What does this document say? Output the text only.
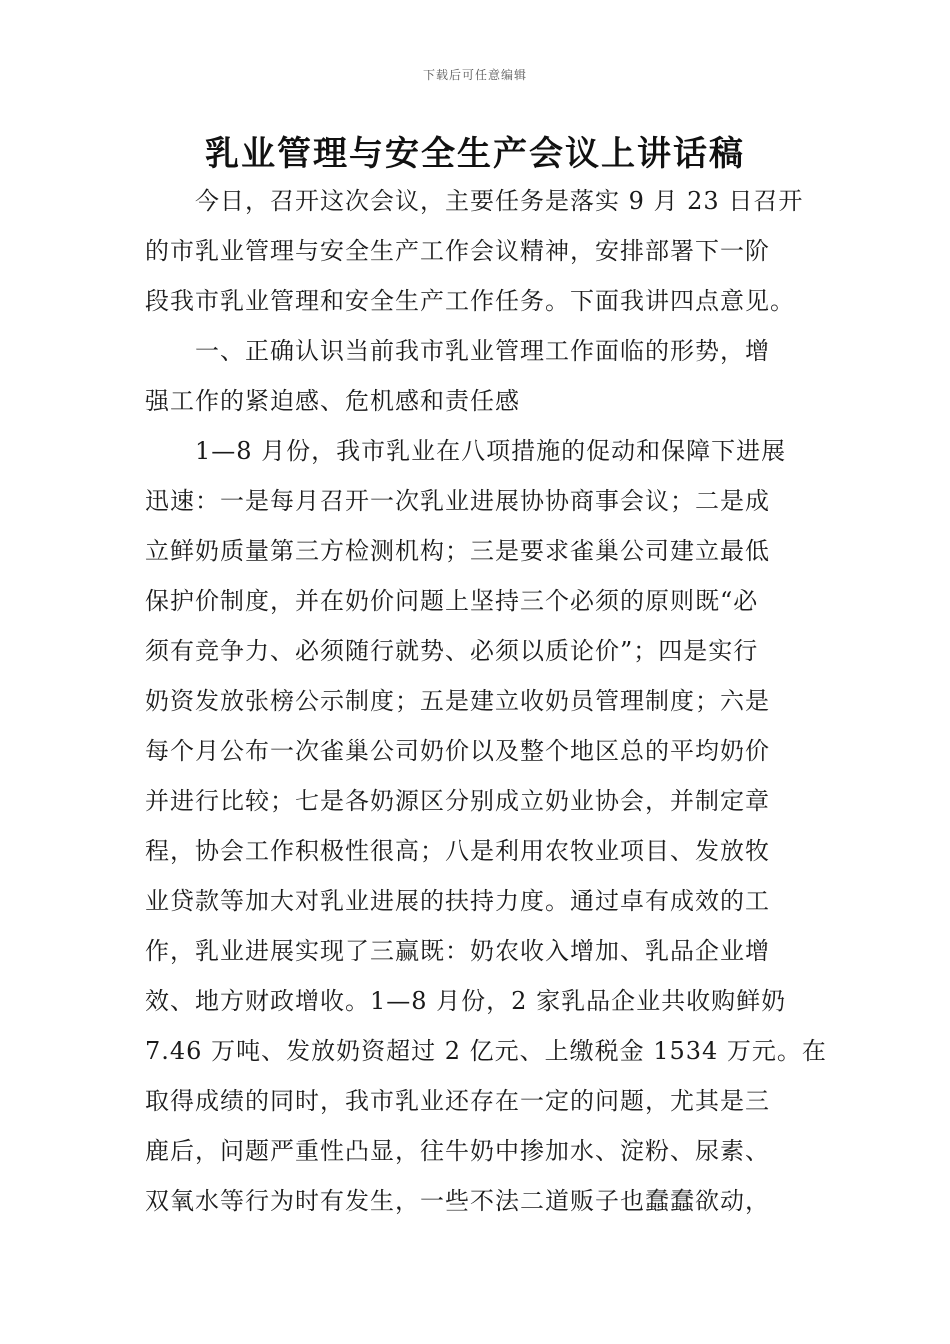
下载后可任意编辑
乳业管理与安全生产会议上讲话稿
今日，召开这次会议，主要任务是落实 9 月 23 日召开
的市乳业管理与安全生产工作会议精神，安排部署下一阶
段我市乳业管理和安全生产工作任务。下面我讲四点意见。
一、正确认识当前我市乳业管理工作面临的形势，增
强工作的紧迫感、危机感和责任感
1—8 月份，我市乳业在八项措施的促动和保障下进展
迅速：一是每月召开一次乳业进展协协商事会议；二是成
立鲜奶质量第三方检测机构；三是要求雀巢公司建立最低
保护价制度，并在奶价问题上坚持三个必须的原则既“必
须有竞争力、必须随行就势、必须以质论价”；四是实行
奶资发放张榜公示制度；五是建立收奶员管理制度；六是
每个月公布一次雀巢公司奶价以及整个地区总的平均奶价
并进行比较；七是各奶源区分别成立奶业协会，并制定章
程，协会工作积极性很高；八是利用农牧业项目、发放牧
业贷款等加大对乳业进展的扶持力度。通过卓有成效的工
作，乳业进展实现了三赢既：奶农收入增加、乳品企业增
效、地方财政增收。1—8 月份，2 家乳品企业共收购鲜奶
7.46 万吨、发放奶资超过 2 亿元、上缴税金 1534 万元。在
取得成绩的同时，我市乳业还存在一定的问题，尤其是三
鹿后，问题严重性凸显，往牛奶中掺加水、淀粉、尿素、
双氧水等行为时有发生，一些不法二道贩子也蠢蠢欲动，
